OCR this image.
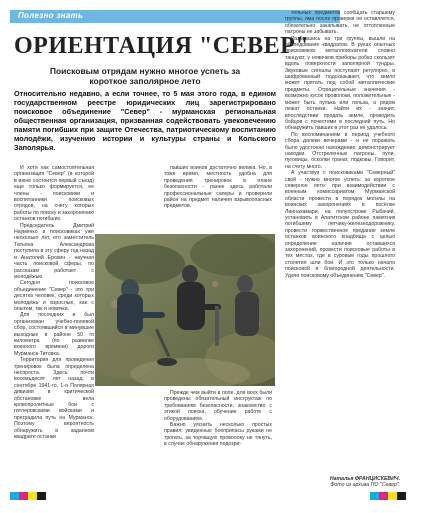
Полезно знать
ОРИЕНТАЦИЯ "СЕВЕР"
Поисковым отрядам нужно многое успеть за короткое заполярное лето
Относительно недавно, а если точнее, то 5 мая этого года, в едином государственном реестре юридических лиц зарегистрировано поисковое объединение "Север" - мурманская региональная общественная организация, призванная содействовать увековечению памяти погибших при защите Отечества, патриотическому воспитанию молодёжи, изучению истории и культуры страны и Кольского Заполярья.

И хотя как самостоятельная организация "Север" (в которой в июне состоится первый съезд) еще только формируется, ее члены - поисковики и воспитанники поисковых отрядов, на счету которых работы по поиску и захоронению останков погибших.

Председатель Дмитрий Науменко в поисковиках уже несколько лет, его заместитель Татьяна Александрова поступила в эту сферу год назад и Анатолий Ерохин - научная часть поисковой сферы, по рассказам работает с молодёжью.

Сегодня поисковое объединение "Север" - это три десятка человек, среди которых молодёжь и взрослые, как с опытом, так и новички.

Для последних и был организован учебно-полевой сбор, состоявшийся в минувшие выходные в районе 50 го километра (по развилке военного времени) дороги Мурманск-Титовка.

Территория для проведения тренировок была определена неспроста. Здесь почти восемьдесят лет назад, в сентябре 1941-го, 1-я Полярная дивизия в критической обстановке вела кровопролитные бои с гитлеровскими войсками и преградила путь на Мурманск. Поэтому вероятность обнаружить в заданном квадрате останки

павших воинов достаточно велика. Но, в тоже время, местность удобна для проведения тренировок в плане безопасности - ранее здесь работали профессиональные саперы и проверили район на предмет наличия взрывоопасных предметов.

Прежде чем выйти в поле, для всех были проведены обязательный инструктаж по требованиям безопасности, знакомство с этикой поиска, обучение работе с оборудованием.

Важно уяснить несколько простых правил: увиденные боеприпасы руками не трогать, за торчащую проволоку не тянуть, в случае обнаружения подозри-

тельных предметов сообщать старшему группы, яма после проверки не оставляется, обязательно закапывать, не оттопленные патроны не забывать.

Разбившись на три группы, вышли на обследование квадратов. В руках опытных поисковиков металлоискатели словно танцуют, у новичков приборы робко скользят вдоль поверхности заполярной тундры. Звуковые сигналы поступают регулярно, в шифрованный подсказывает, что земля может прятать под собой металлические предметы. Отрицательные значения - возможно кусок проволоки, положительные - может быть пулька или гильза, а рядом лежат останки. Найти их - значит, впоследствии предать земле, проводить бойцов с почестями в последний путь. Но обнаружить павших в этот раз не удалось.

По воспоминаниям в период учебного сбора далеки вечерами - и не поражать было удостоено нахождение: демонстрирует находки. Отстреленные патроны, пули, пуговицы, осколки гранат, подковы. Говорит, на счету много.

А участвуя с поисковиками "Северный" свой - нужно многое успеть: за короткое северное лето: при взаимодействии с военным комиссариатом Мурманской области провести в порядок могилы на воинских захоронениях в посёлке Лиинахамари, на полуострове Рыбачий, установить в Апатитском районе памятник погибшему летчику-железнодорожнику, провести торжественное предание земле останков воинского кладбища с целью определения наличия оставшихся захоронений, провести поисковые работы в тех местах, где в суровые годы прошлого столетия шли бои. И это только начало поисковой и благородной деятельности. Удачи поисковому объединению "Север".

Наталья ФРАНЦИСКЕВИЧ.
Фото из архива ПО "Север".
